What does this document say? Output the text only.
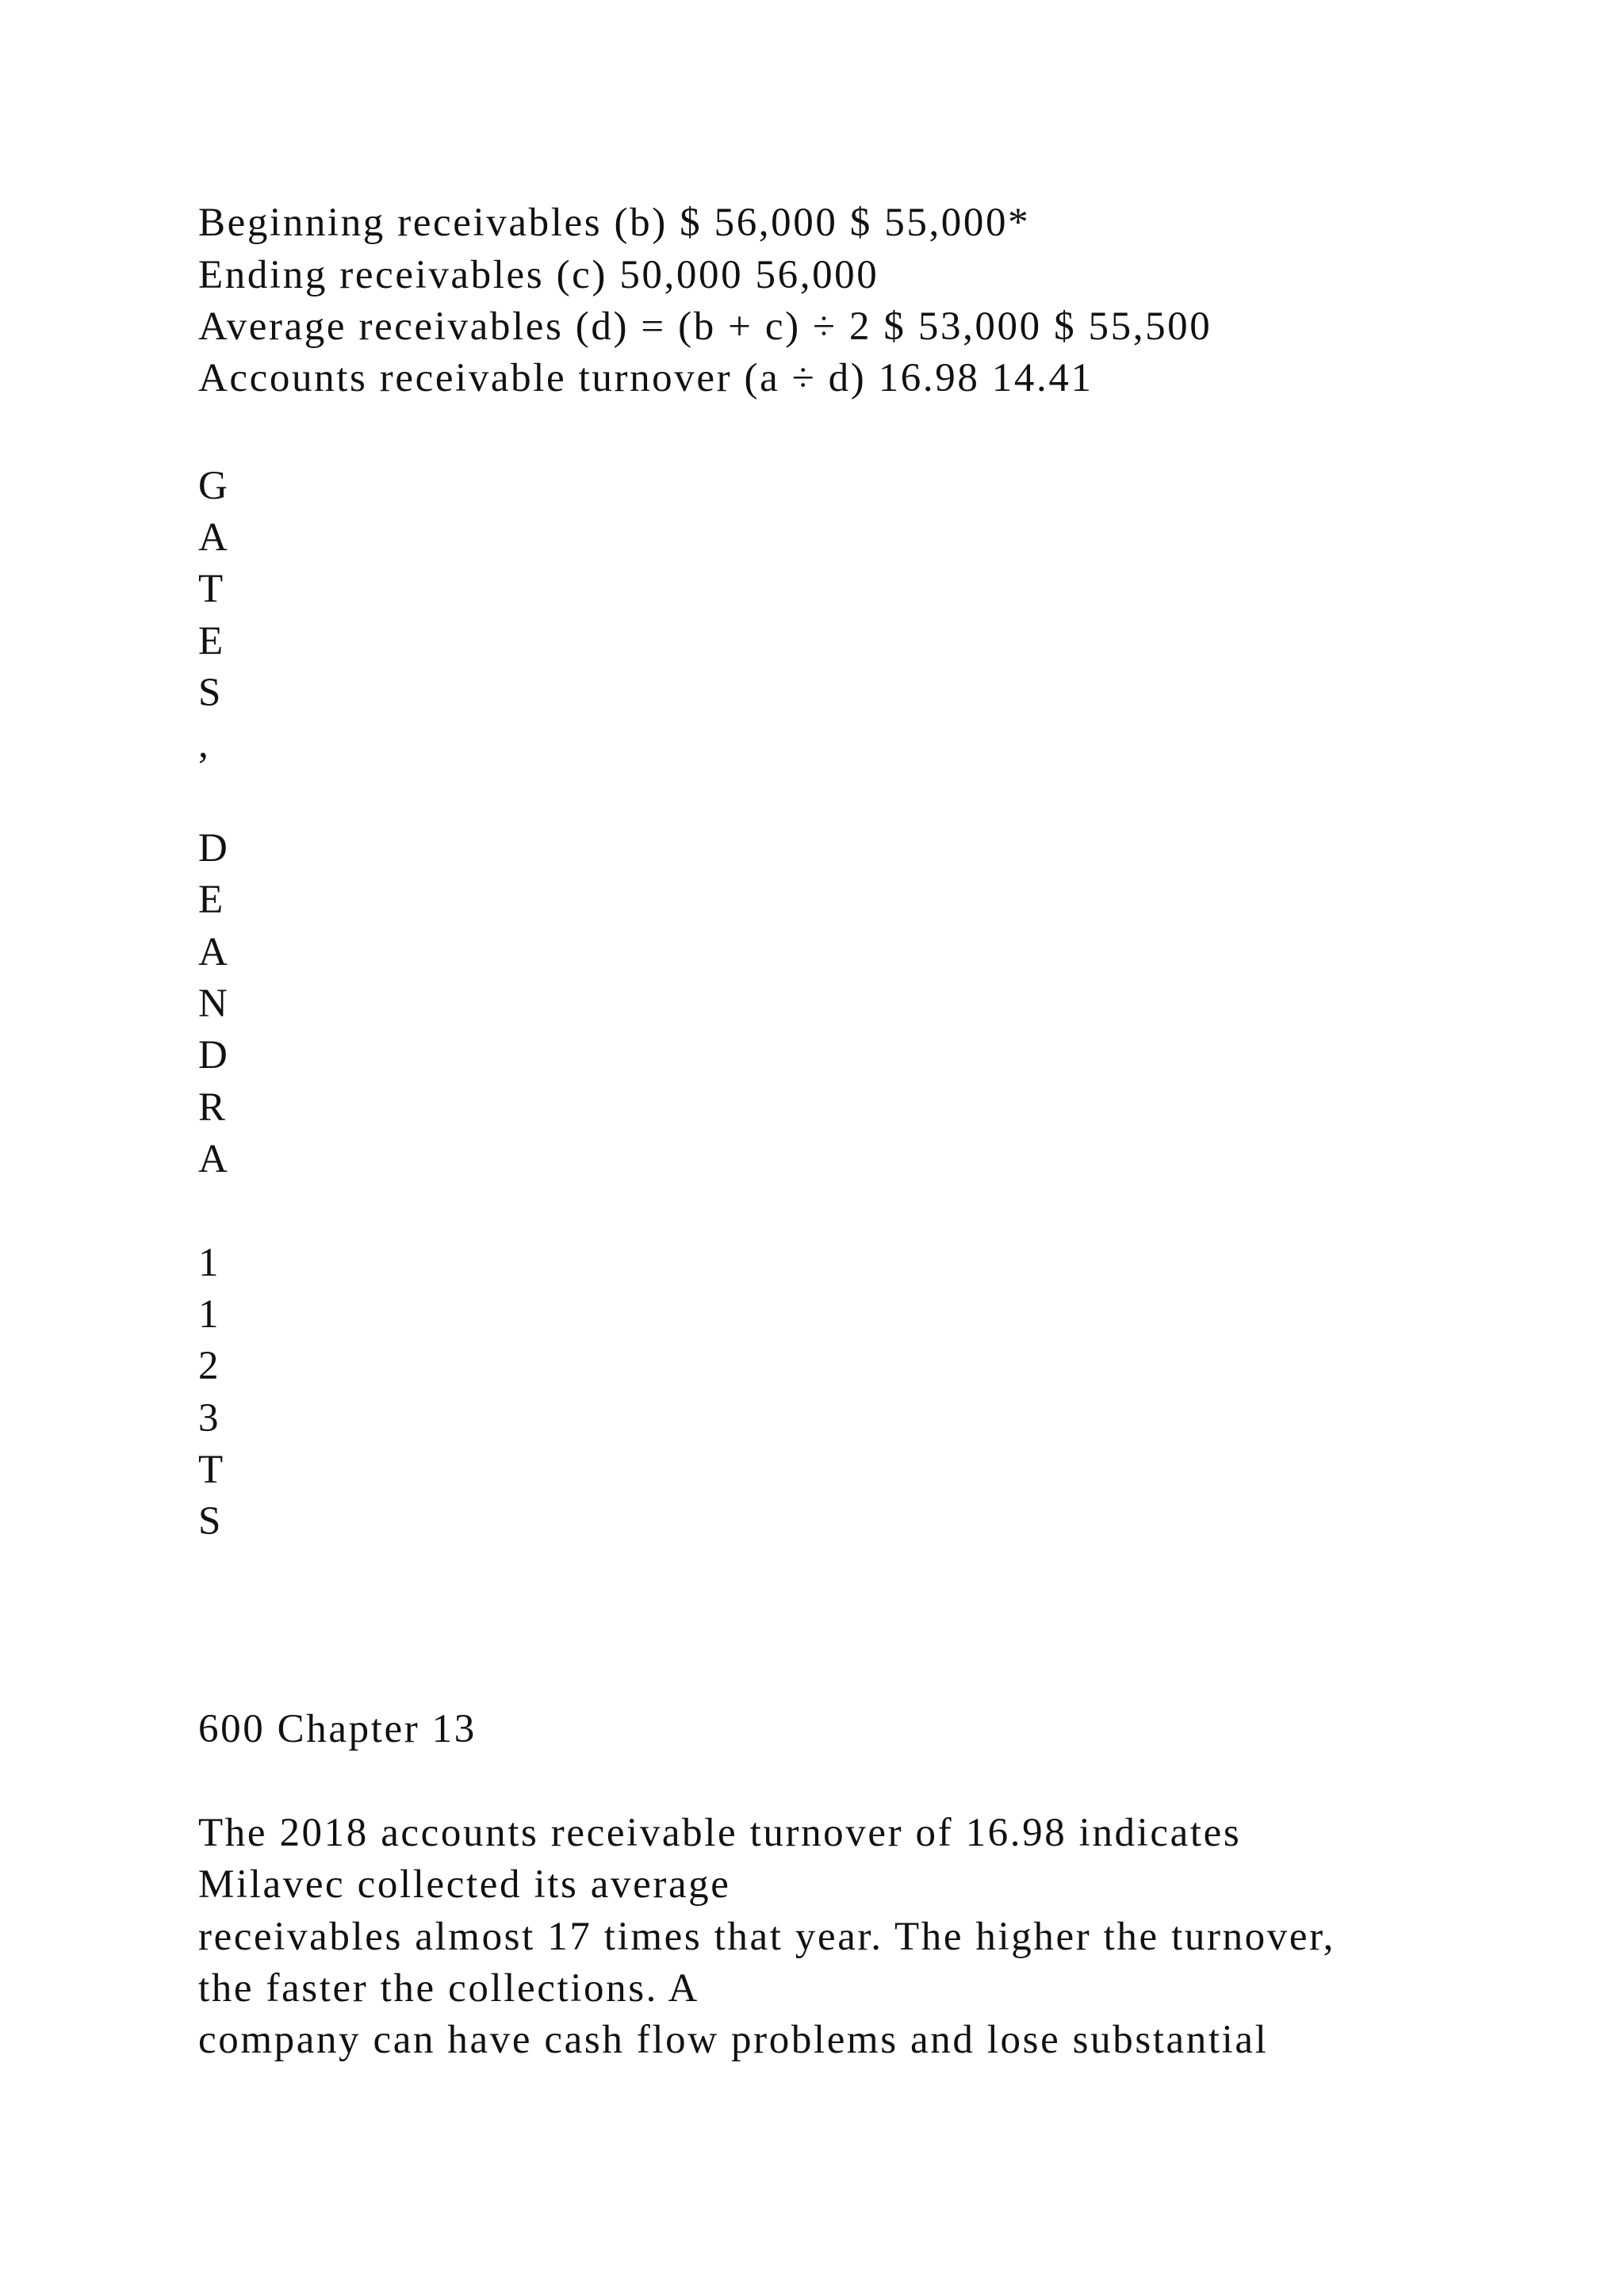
Beginning receivables (b) $ 56,000 $ 55,000*
Ending receivables (c) 50,000 56,000
Average receivables (d) = (b + c) ÷ 2 $ 53,000 $ 55,500
Accounts receivable turnover (a ÷ d) 16.98 14.41
G
A
T
E
S
,
D
E
A
N
D
R
A
1
1
2
3
T
S
600 Chapter 13
The 2018 accounts receivable turnover of 16.98 indicates
Milavec collected its average
receivables almost 17 times that year. The higher the turnover,
the faster the collections. A
company can have cash flow problems and lose substantial
